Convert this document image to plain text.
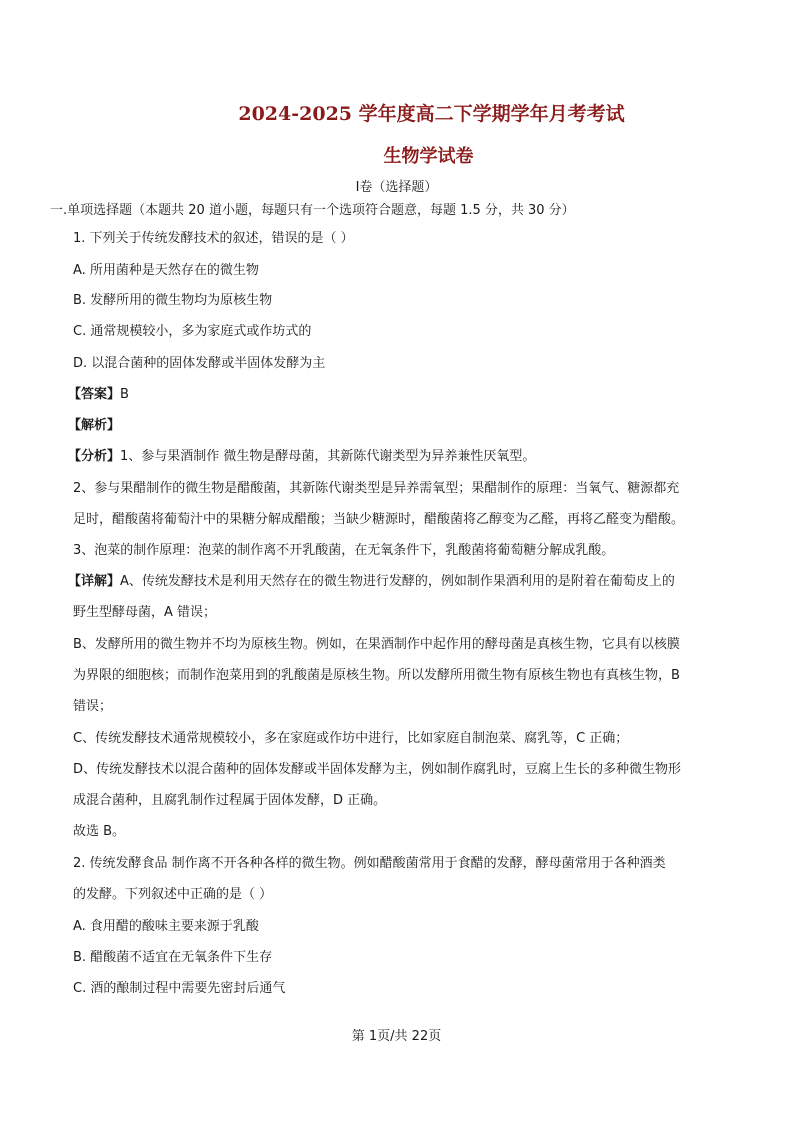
2024-2025 学年度高二下学期学年月考考试
生物学试卷
Ⅰ卷（选择题）
一.单项选择题（本题共 20 道小题，每题只有一个选项符合题意，每题 1.5 分，共 30 分）
1. 下列关于传统发酵技术的叙述，错误的是（ ）
A. 所用菌种是天然存在的微生物
B. 发酵所用的微生物均为原核生物
C. 通常规模较小，多为家庭式或作坊式的
D. 以混合菌种的固体发酵或半固体发酵为主
【答案】B
【解析】
【分析】1、参与果酒制作 微生物是酵母菌，其新陈代谢类型为异养兼性厌氧型。
2、参与果醋制作的微生物是醋酸菌，其新陈代谢类型是异养需氧型；果醋制作的原理：当氧气、糖源都充
足时，醋酸菌将葡萄汁中的果糖分解成醋酸；当缺少糖源时，醋酸菌将乙醇变为乙醛，再将乙醛变为醋酸。
3、泡菜的制作原理：泡菜的制作离不开乳酸菌，在无氧条件下，乳酸菌将葡萄糖分解成乳酸。
【详解】A、传统发酵技术是利用天然存在的微生物进行发酵的，例如制作果酒利用的是附着在葡萄皮上的
野生型酵母菌，A 错误；
B、发酵所用的微生物并不均为原核生物。例如，在果酒制作中起作用的酵母菌是真核生物，它具有以核膜
为界限的细胞核；而制作泡菜用到的乳酸菌是原核生物。所以发酵所用微生物有原核生物也有真核生物，B
错误；
C、传统发酵技术通常规模较小，多在家庭或作坊中进行，比如家庭自制泡菜、腐乳等，C 正确；
D、传统发酵技术以混合菌种的固体发酵或半固体发酵为主，例如制作腐乳时，豆腐上生长的多种微生物形
成混合菌种，且腐乳制作过程属于固体发酵，D 正确。
故选 B。
2. 传统发酵食品 制作离不开各种各样的微生物。例如醋酸菌常用于食醋的发酵，酵母菌常用于各种酒类
的发酵。下列叙述中正确的是（ ）
A. 食用醋的酸味主要来源于乳酸
B. 醋酸菌不适宜在无氧条件下生存
C. 酒的酿制过程中需要先密封后通气
第 1页/共 22页
